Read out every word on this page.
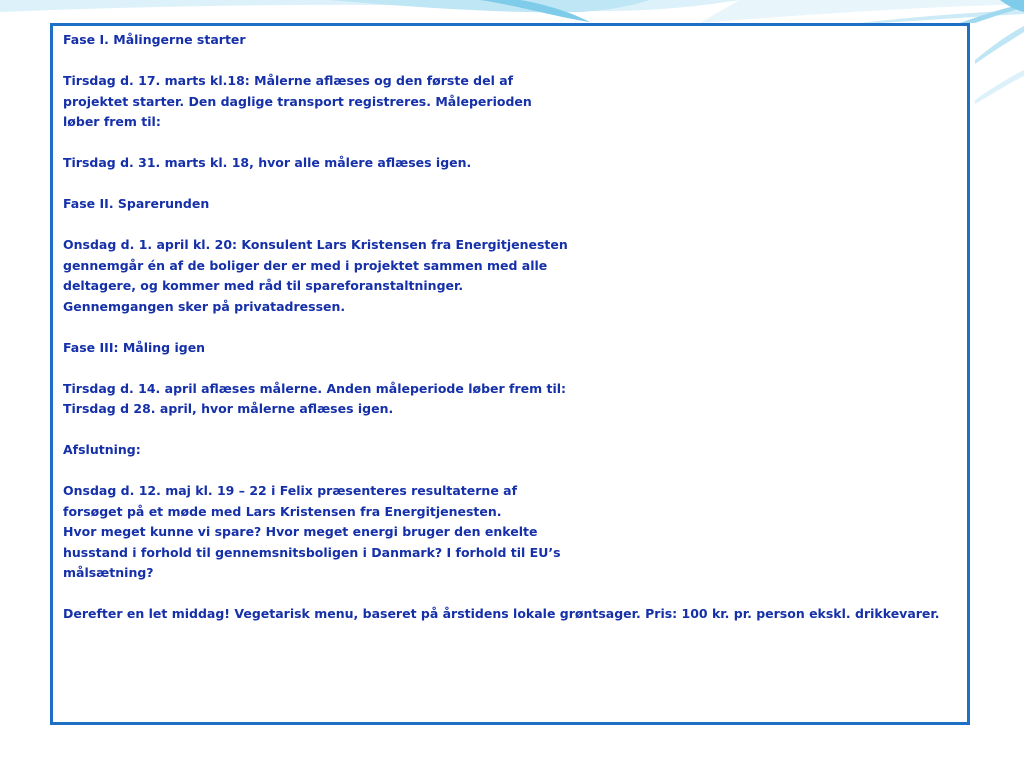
Fase I. Målingerne starter

Tirsdag d. 17. marts kl.18: Målerne aflæses og den første del af

projektet starter. Den daglige transport registreres. Måleperioden

løber frem til:

Tirsdag d. 31. marts kl. 18, hvor alle målere aflæses igen.

Fase II. Sparerunden

Onsdag d. 1. april kl. 20: Konsulent Lars Kristensen fra Energitjenesten

gennemgår én af de boliger der er med i projektet sammen med alle

deltagere, og kommer med råd til spareforanstaltninger.

Gennemgangen sker på privatadressen.

Fase III: Måling igen

Tirsdag d. 14. april aflæses målerne. Anden måleperiode løber frem til:

Tirsdag d 28. april, hvor målerne aflæses igen.

Afslutning:

Onsdag d. 12. maj kl. 19 – 22 i Felix præsenteres resultaterne af

forsøget på et møde med Lars Kristensen fra Energitjenesten.

Hvor meget kunne vi spare? Hvor meget energi bruger den enkelte

husstand i forhold til gennemsnitsboligen i Danmark? I forhold til EU’s

målsætning?

Derefter en let middag! Vegetarisk menu, baseret på årstidens lokale grøntsager. Pris: 100 kr. pr. person ekskl. drikkevarer.
